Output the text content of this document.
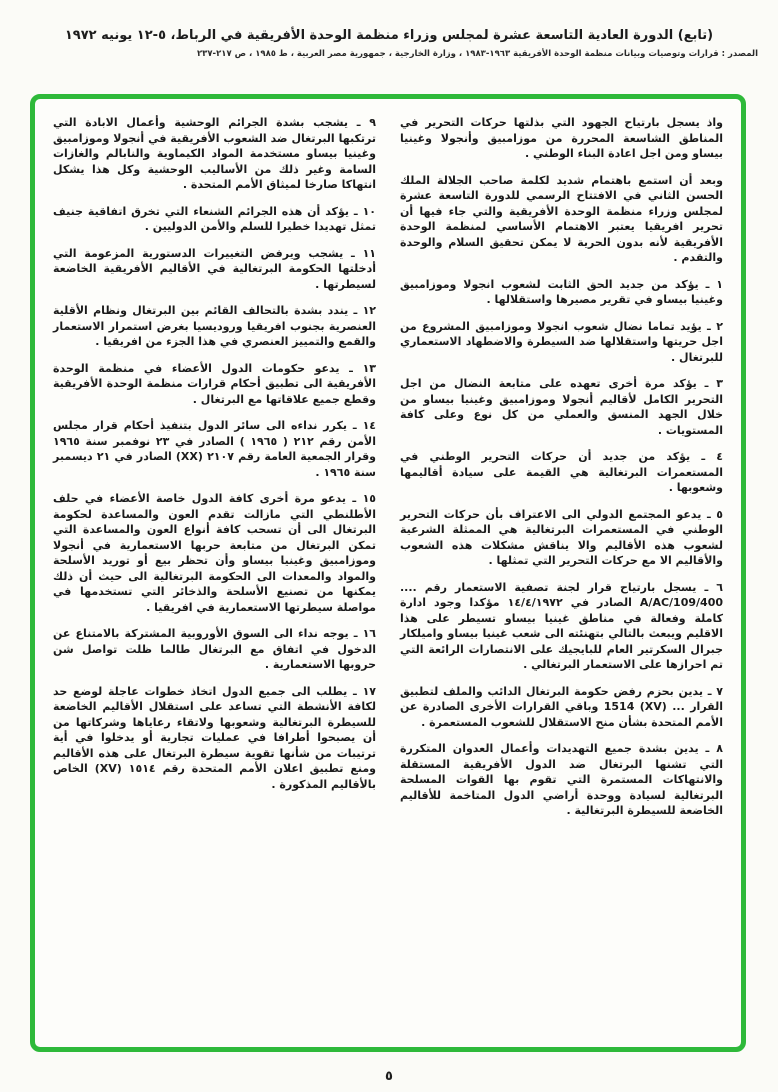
(تابع) الدورة العادية التاسعة عشرة لمجلس وزراء منظمة الوحدة الأفريقية في الرباط، ٥-١٢ يونيه ١٩٧٢
المصدر : قرارات وتوصيات وبيانات منظمة الوحدة الأفريقية ١٩٦٣-١٩٨٣ ، وزارة الخارجية ، جمهورية مصر العربية ، ط ١٩٨٥ ، ص ٢١٧-٢٣٧

واذ يسجل بارتياح الجهود التي بذلتها حركات التحرير في المناطق الشاسعة المحررة من موزامبيق وأنجولا وغينيا بيساو ومن اجل اعادة البناء الوطني .

وبعد أن استمع باهتمام شديد لكلمة صاحب الجلالة الملك الحسن الثاني في الافتتاح الرسمي للدورة التاسعة عشرة لمجلس وزراء منظمة الوحدة الأفريقية والتي جاء فيها أن تحرير افريقيا يعتبر الاهتمام الأساسي لمنظمة الوحدة الأفريقية لأنه بدون الحرية لا يمكن تحقيق السلام والوحدة والتقدم .

١ ـ يؤكد من جديد الحق الثابت لشعوب انجولا وموزامبيق وغينيا بيساو في تقرير مصيرها واستقلالها .

٢ ـ يؤيد تماما نضال شعوب انجولا وموزامبيق المشروع من اجل حريتها واستقلالها ضد السيطرة والاضطهاد الاستعماري للبرتغال .

٣ ـ يؤكد مرة أخرى تعهده على متابعة النضال من اجل التحرير الكامل لأقاليم أنجولا وموزامبيق وغينيا بيساو من خلال الجهد المنسق والعملي من كل نوع وعلى كافة المستويات .

٤ ـ يؤكد من جديد أن حركات التحرير الوطني في المستعمرات البرتغالية هي القيمة على سيادة أقاليمها وشعوبها .

٥ ـ يدعو المجتمع الدولي الى الاعتراف بأن حركات التحرير الوطني في المستعمرات البرتغالية هي الممثلة الشرعية لشعوب هذه الأقاليم والا يناقش مشكلات هذه الشعوب والأقاليم الا مع حركات التحرير التي تمثلها .

٦ ـ يسجل بارتياح قرار لجنة تصفية الاستعمار رقم .... A/AC/109/400 الصادر في ١٤/٤/١٩٧٢ مؤكدا وجود ادارة كاملة وفعالة في مناطق غينيا بيساو تسيطر على هذا الاقليم ويبعث بالتالي بتهنئته الى شعب غينيا بيساو واميلكار جبرال السكرتير العام للبايجيك على الانتصارات الرائعة التي تم احرازها على الاستعمار البرتغالي .

٧ ـ يدين بحزم رفض حكومة البرتغال الدائب والملف لتطبيق القرار ... ‎1514 (XV)‎ وباقي القرارات الأخرى الصادرة عن الأمم المتحدة بشأن منح الاستقلال للشعوب المستعمرة .

٨ ـ يدين بشدة جميع التهديدات وأعمال العدوان المتكررة التي تشنها البرتغال ضد الدول الأفريقية المستقلة والانتهاكات المستمرة التي تقوم بها القوات المسلحة البرتغالية لسيادة ووحدة أراضي الدول المتاخمة للأقاليم الخاضعة للسيطرة البرتغالية .

٩ ـ يشجب بشدة الجرائم الوحشية وأعمال الابادة التي ترتكبها البرتغال ضد الشعوب الأفريقية في أنجولا وموزامبيق وغينيا بيساو مستخدمة المواد الكيماوية والنابالم والغازات السامة وغير ذلك من الأساليب الوحشية وكل هذا يشكل انتهاكا صارخا لميثاق الأمم المتحدة .

١٠ ـ يؤكد أن هذه الجرائم الشنعاء التي تخرق اتفاقية جنيف تمثل تهديدا خطيرا للسلم والأمن الدوليين .

١١ ـ يشجب ويرفض التغييرات الدستورية المزعومة التي أدخلتها الحكومة البرتغالية في الأقاليم الأفريقية الخاضعة لسيطرتها .

١٢ ـ يندد بشدة بالتحالف القائم بين البرتغال ونظام الأقلية العنصرية بجنوب افريقيا وروديسيا بغرض استمرار الاستعمار والقمع والتمييز العنصري في هذا الجزء من افريقيا .

١٣ ـ يدعو حكومات الدول الأعضاء في منظمة الوحدة الأفريقية الى تطبيق أحكام قرارات منظمة الوحدة الأفريقية وقطع جميع علاقاتها مع البرتغال .

١٤ ـ يكرر نداءه الى سائر الدول بتنفيذ أحكام قرار مجلس الأمن رقم ٢١٢ ( ١٩٦٥ ) الصادر في ٢٣ نوفمبر سنة ١٩٦٥ وقرار الجمعية العامة رقم ٢١٠٧ ‎(XX)‎ الصادر في ٢١ ديسمبر سنة ١٩٦٥ .

١٥ ـ يدعو مرة أخرى كافة الدول خاصة الأعضاء في حلف الأطلنطي التي مازالت تقدم العون والمساعدة لحكومة البرتغال الى أن تسحب كافة أنواع العون والمساعدة التي تمكن البرتغال من متابعة حربها الاستعمارية في أنجولا وموزامبيق وغينيا بيساو وأن تحظر بيع أو توريد الأسلحة والمواد والمعدات الى الحكومة البرتغالية الى حيث أن ذلك يمكنها من تصنيع الأسلحة والذخائر التي تستخدمها في مواصلة سيطرتها الاستعمارية في افريقيا .

١٦ ـ يوجه نداء الى السوق الأوروبية المشتركة بالامتناع عن الدخول في اتفاق مع البرتغال طالما ظلت تواصل شن حروبها الاستعمارية .

١٧ ـ يطلب الى جميع الدول اتخاذ خطوات عاجلة لوضع حد لكافة الأنشطة التي تساعد على استقلال الأقاليم الخاضعة للسيطرة البرتغالية وشعوبها ولاتقاء رعاياها وشركاتها من أن يصبحوا أطرافا في عمليات تجارية أو يدخلوا في أية ترتيبات من شأنها تقوية سيطرة البرتغال على هذه الأقاليم ومنع تطبيق اعلان الأمم المتحدة رقم ١٥١٤ ‎(XV)‎ الخاص بالأقاليم المذكورة .

٥
